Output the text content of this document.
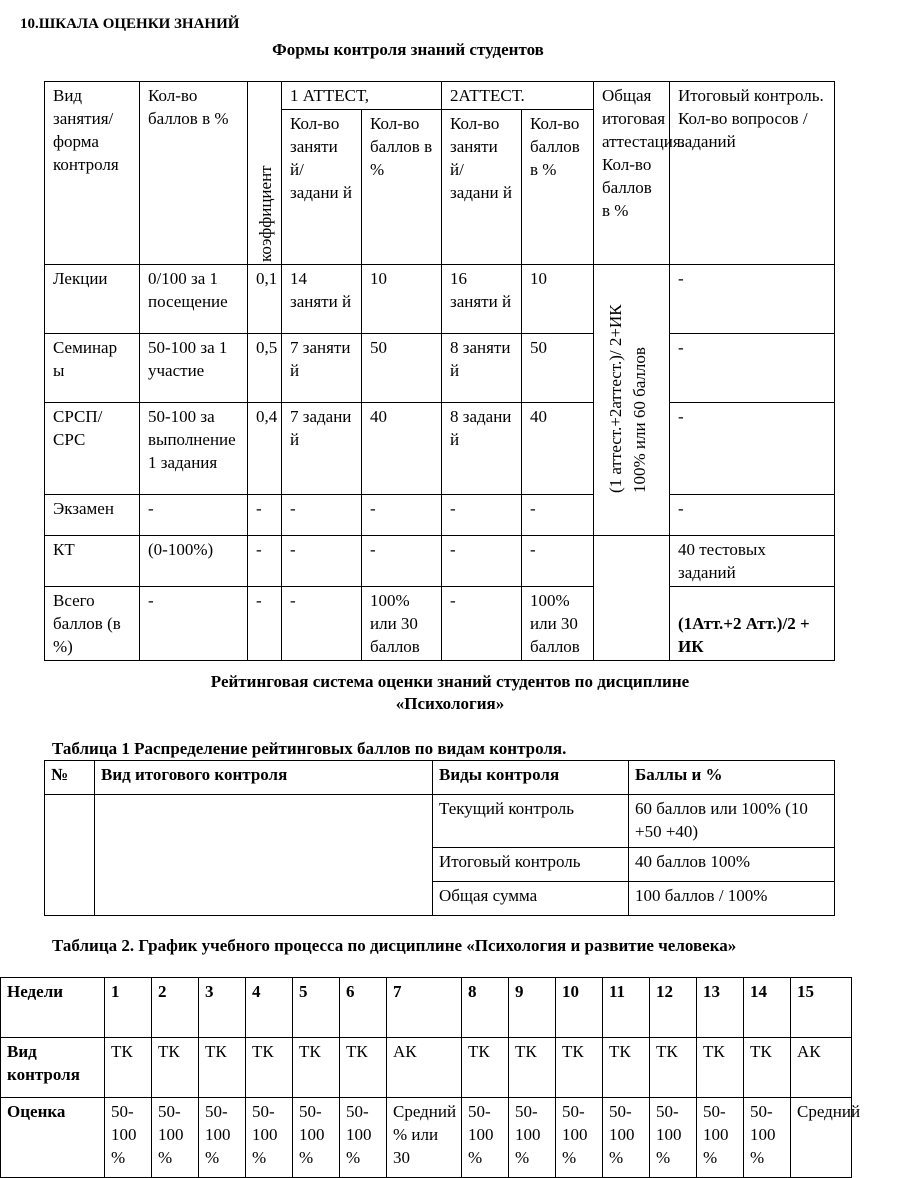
10.ШКАЛА ОЦЕНКИ ЗНАНИЙ
Формы контроля знаний студентов
Вид занятия/ форма контроля	Кол-во баллов в %	коэффициент	1 АТТЕСТ,		2АТТЕСТ.		Общая итоговая аттестация. Кол-во баллов в %	Итоговый контроль. Кол-во вопросов /заданий
			Кол-во заняти й/ задани й	Кол-во баллов в %	Кол-во заняти й/ задани й	Кол-во баллов в %		
Лекции	0/100 за 1 посещение	0,1	14 заняти й	10	16 заняти й	10	(1 аттест.+2аттест.)/ 2+ИК 100% или 60 баллов	-
Семинар ы	50-100 за 1 участие	0,5	7 заняти й	50	8 заняти й	50		-
СРСП/ СРС	50-100 за выполнение 1 задания	0,4	7 задани й	40	8 задани й	40		-
Экзамен	-	-	-	-	-	-		-
КТ	(0-100%)	-	-	-	-	-		40 тестовых заданий
Всего баллов (в %)	-	-	-	100% или 30 баллов	-	100% или 30 баллов		(1Атт.+2 Атт.)/2 + ИК
Рейтинговая система оценки знаний студентов по дисциплине
«Психология»
Таблица 1 Распределение рейтинговых баллов по видам контроля.
№	Вид итогового контроля	Виды контроля	Баллы и %
		Текущий контроль	60 баллов или 100% (10 +50 +40)
		Итоговый контроль	40 баллов 100%
		Общая сумма	100 баллов / 100%
Таблица 2. График учебного процесса по дисциплине «Психология и развитие человека»
Недели	1	2	3	4	5	6	7	8	9	10	11	12	13	14	15
Вид контроля	ТК	ТК	ТК	ТК	ТК	ТК	АК	ТК	ТК	ТК	ТК	ТК	ТК	ТК	АК
Оценка	50-100 %	50-100 %	50-100 %	50-100 %	50-100 %	50-100 %	Средний % или 30	50-100 %	50-100 %	50-100 %	50-100 %	50-100 %	50-100 %	50-100 %	Средний
